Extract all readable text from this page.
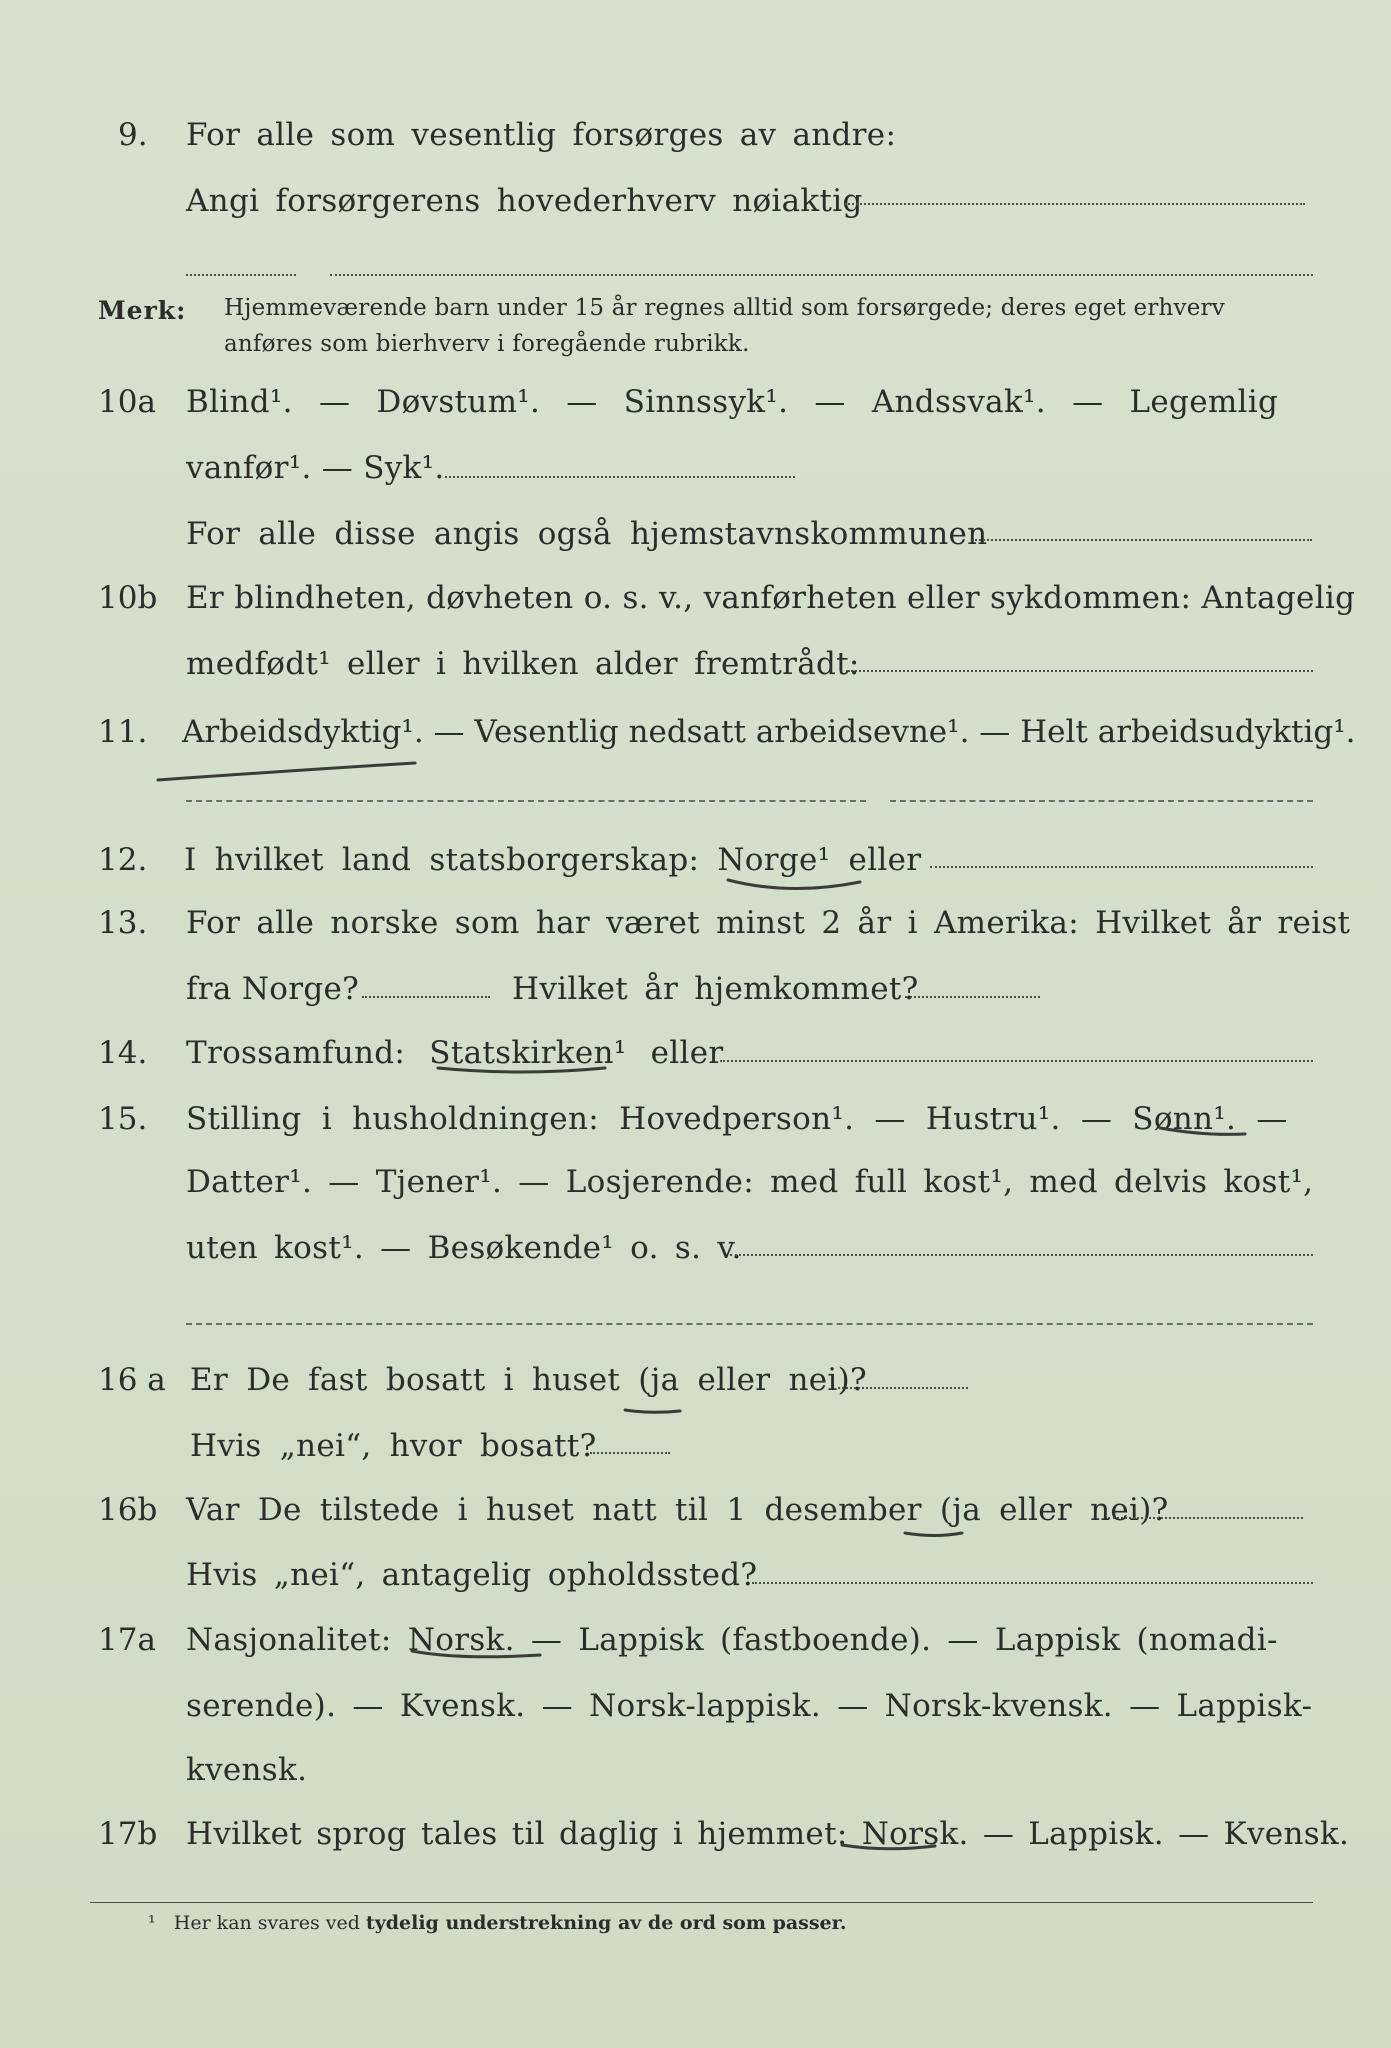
9. For alle som vesentlig forsørges av andre:
Angi forsørgerens hovederhverv nøiaktig
Merk: Hjemmeværende barn under 15 år regnes alltid som forsørgede; deres eget erhverv
anføres som bierhverv i foregående rubrikk.
10a Blind¹. — Døvstum¹. — Sinnssyk¹. — Andssvak¹. — Legemlig
vanfør¹. — Syk¹.
For alle disse angis også hjemstavnskommunen
10b Er blindheten, døvheten o. s. v., vanførheten eller sykdommen: Antagelig
medfødt¹ eller i hvilken alder fremtrådt:
11. Arbeidsdyktig¹. — Vesentlig nedsatt arbeidsevne¹. — Helt arbeidsudyktig¹.
12. I hvilket land statsborgerskap: Norge¹ eller
13. For alle norske som har været minst 2 år i Amerika: Hvilket år reist
fra Norge?	Hvilket år hjemkommet?
14. Trossamfund: Statskirken¹ eller
15. Stilling i husholdningen: Hovedperson¹. — Hustru¹. — Sønn¹. —
Datter¹. — Tjener¹. — Losjerende: med full kost¹, med delvis kost¹,
uten kost¹. — Besøkende¹ o. s. v.
16 a Er De fast bosatt i huset (ja eller nei)?
Hvis „nei“, hvor bosatt?
16b Var De tilstede i huset natt til 1 desember (ja eller nei)?
Hvis „nei“, antagelig opholdssted?
17a Nasjonalitet: Norsk. — Lappisk (fastboende). — Lappisk (nomadi-
serende). — Kvensk. — Norsk-lappisk. — Norsk-kvensk. — Lappisk-
kvensk.
17b Hvilket sprog tales til daglig i hjemmet: Norsk. — Lappisk. — Kvensk.
¹ Her kan svares ved tydelig understrekning av de ord som passer.
